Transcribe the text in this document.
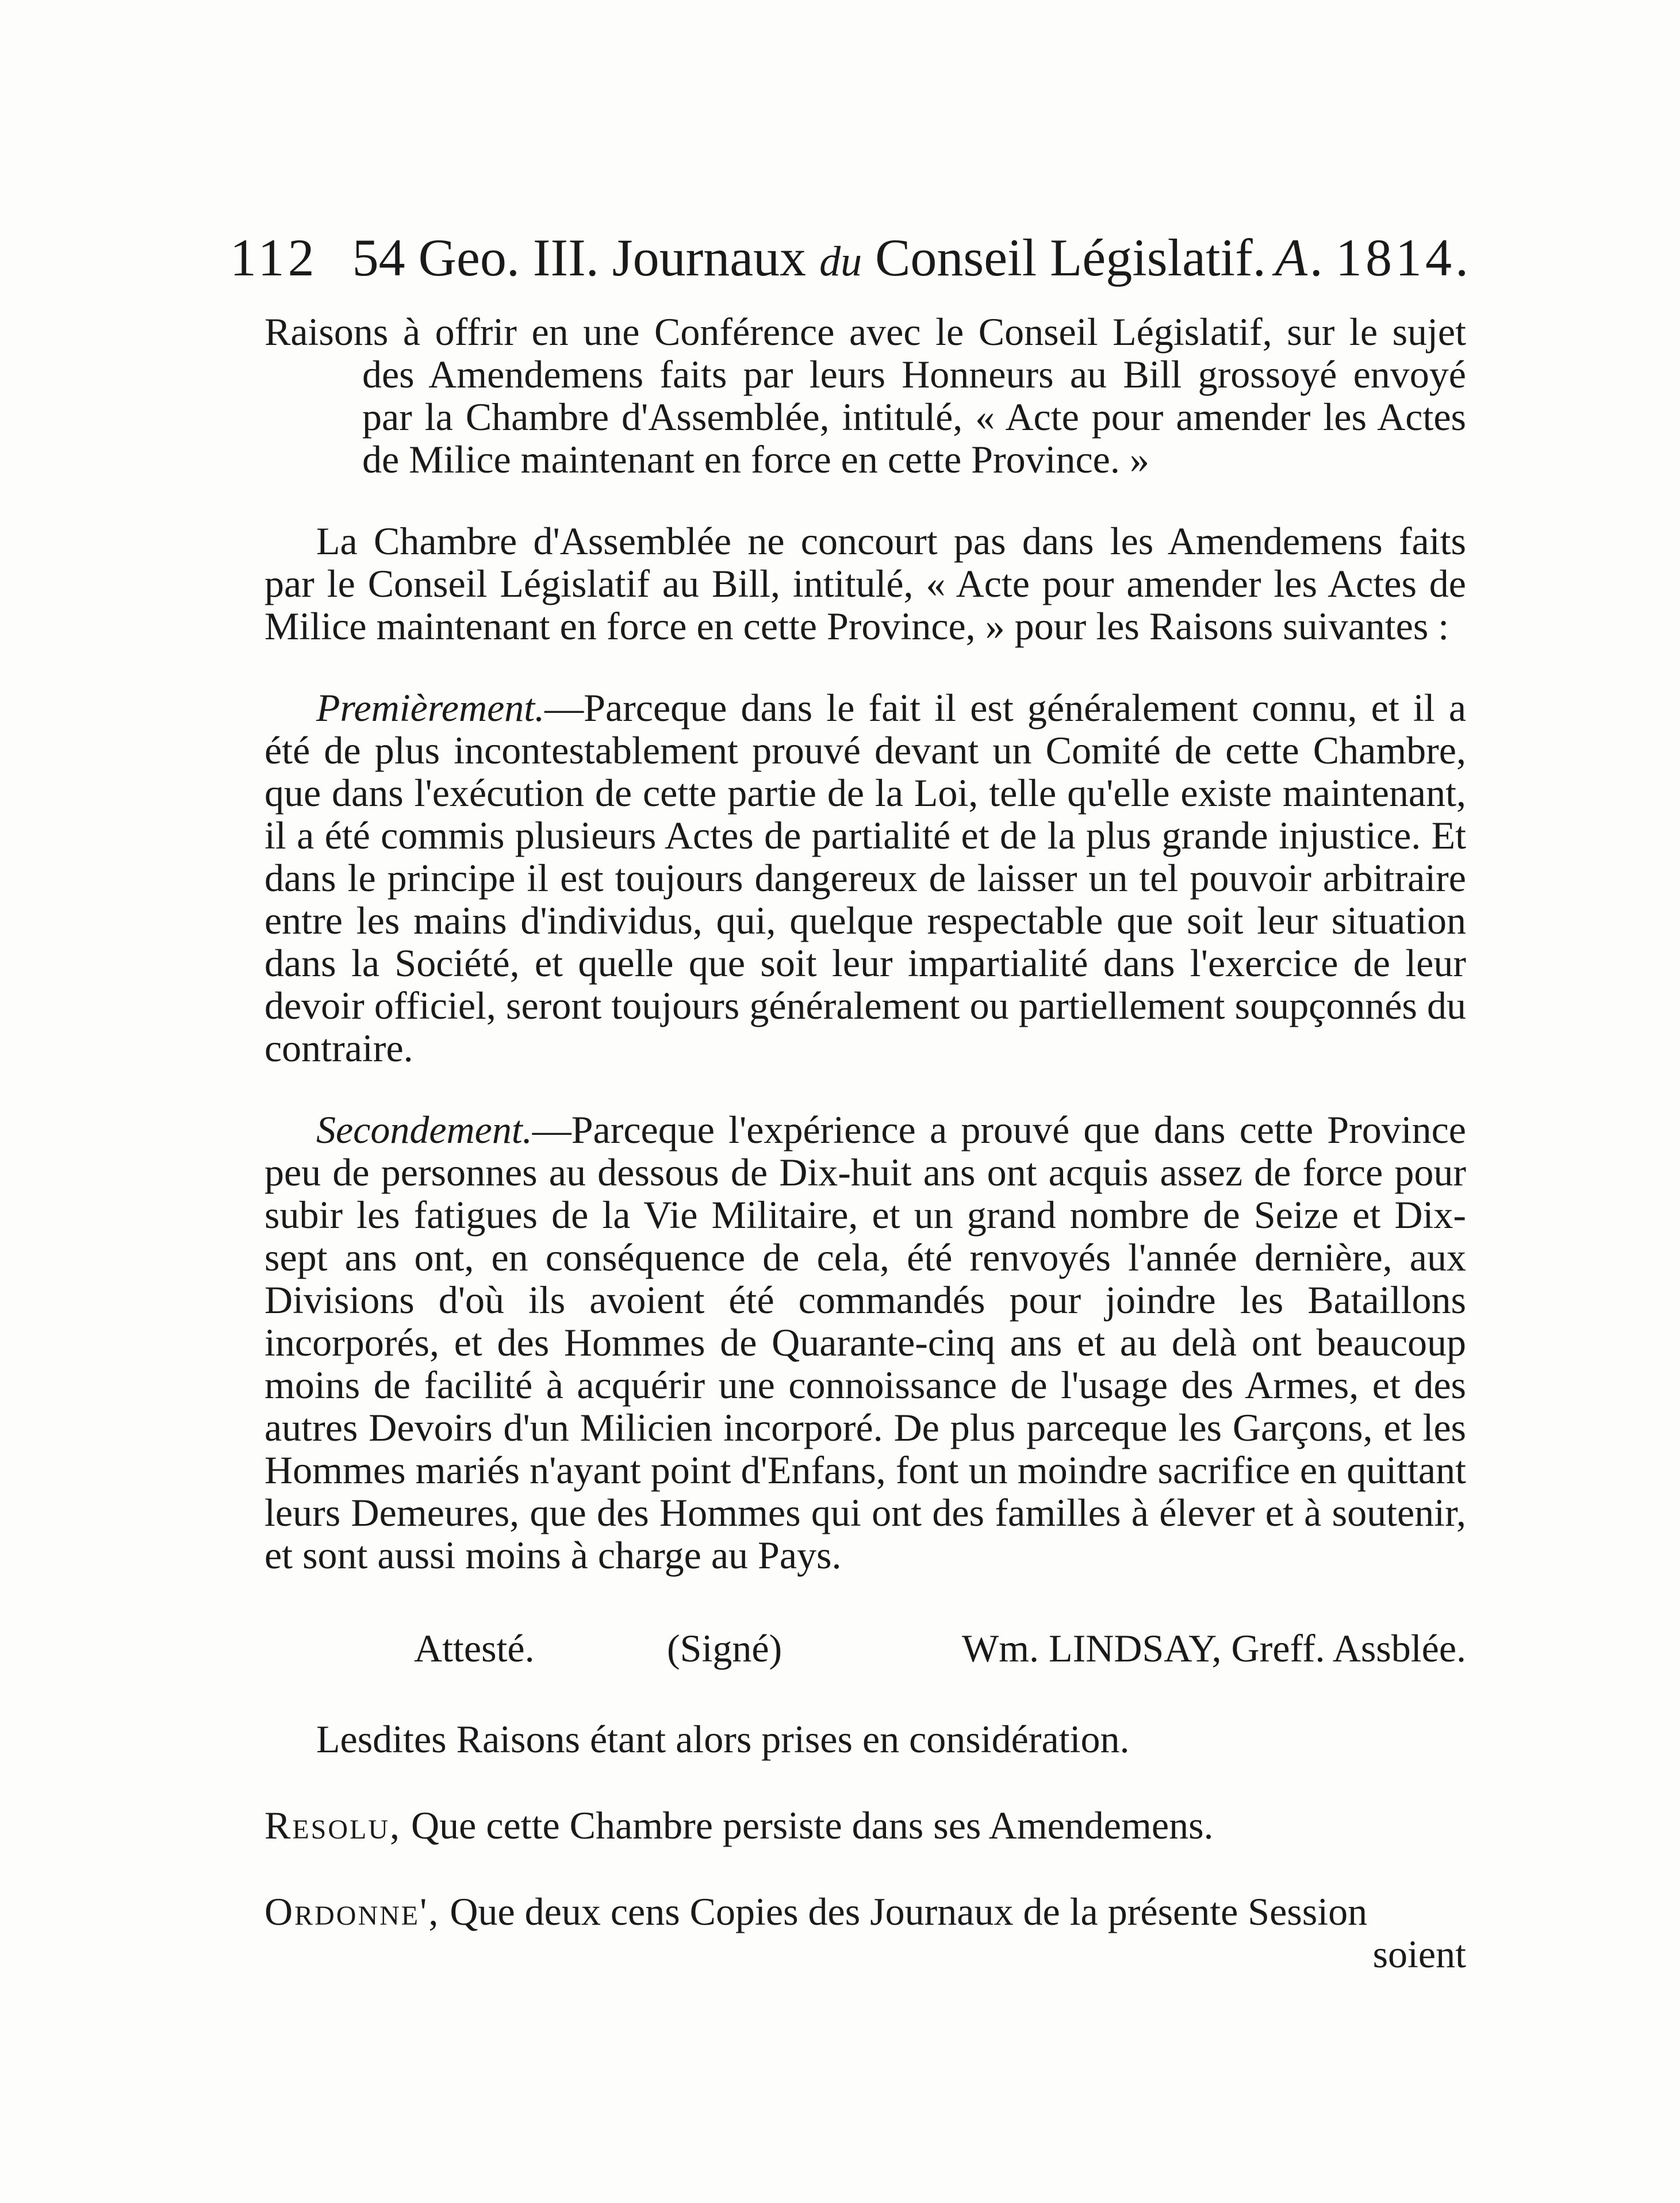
112 54 Geo. III. Journaux du Conseil Législatif. A. 1814.

Raisons à offrir en une Conférence avec le Conseil Législatif, sur le sujet des Amendemens faits par leurs Honneurs au Bill grossoyé envoyé par la Chambre d'Assemblée, intitulé, « Acte pour amender les Actes de Milice maintenant en force en cette Province. »

La Chambre d'Assemblée ne concourt pas dans les Amendemens faits par le Conseil Législatif au Bill, intitulé, « Acte pour amender les Actes de Milice maintenant en force en cette Province, » pour les Raisons suivantes :

Premièrement.—Parceque dans le fait il est généralement connu, et il a été de plus incontestablement prouvé devant un Comité de cette Chambre, que dans l'exécution de cette partie de la Loi, telle qu'elle existe maintenant, il a été commis plusieurs Actes de partialité et de la plus grande injustice. Et dans le principe il est toujours dangereux de laisser un tel pouvoir arbitraire entre les mains d'individus, qui, quelque respectable que soit leur situation dans la Société, et quelle que soit leur impartialité dans l'exercice de leur devoir officiel, seront toujours généralement ou partiellement soupçonnés du contraire.

Secondement.—Parceque l'expérience a prouvé que dans cette Province peu de personnes au dessous de Dix-huit ans ont acquis assez de force pour subir les fatigues de la Vie Militaire, et un grand nombre de Seize et Dix-sept ans ont, en conséquence de cela, été renvoyés l'année dernière, aux Divisions d'où ils avoient été commandés pour joindre les Bataillons incorporés, et des Hommes de Quarante-cinq ans et au delà ont beaucoup moins de facilité à acquérir une connoissance de l'usage des Armes, et des autres Devoirs d'un Milicien incorporé. De plus parceque les Garçons, et les Hommes mariés n'ayant point d'Enfans, font un moindre sacrifice en quittant leurs Demeures, que des Hommes qui ont des familles à élever et à soutenir, et sont aussi moins à charge au Pays.

Attesté.	(Signé)	Wm. LINDSAY, Greff. Assblée.

Lesdites Raisons étant alors prises en considération.

Resolu, Que cette Chambre persiste dans ses Amendemens.

Ordonne', Que deux cens Copies des Journaux de la présente Session

soient
